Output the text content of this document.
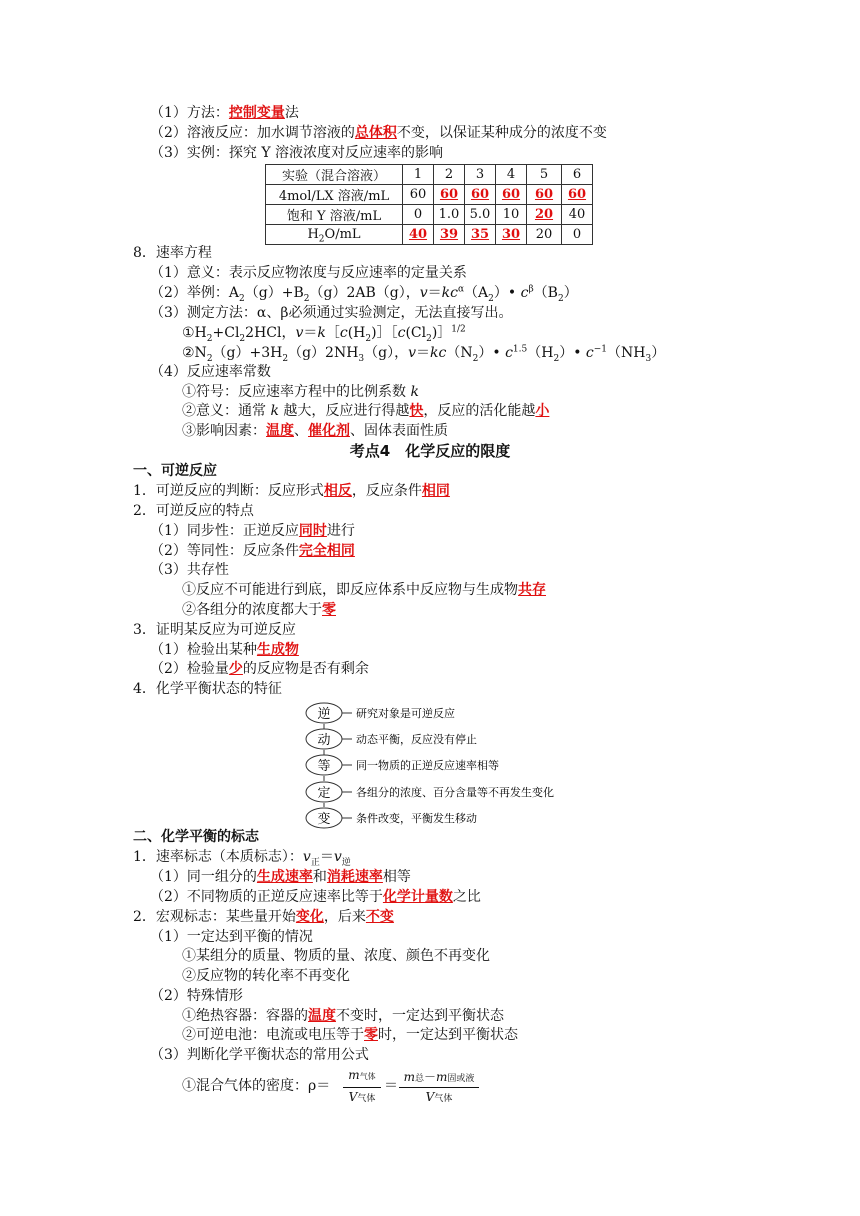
（1）方法：控制变量法
（2）溶液反应：加水调节溶液的总体积不变，以保证某种成分的浓度不变
（3）实例：探究 Y 溶液浓度对反应速率的影响
实验（混合溶液）	1	2	3	4	5	6
4mol/LX 溶液/mL	60	60	60	60	60	60
饱和 Y 溶液/mL	0	1.0	5.0	10	20	40
$H_2O/mL$	40	39	35	30	20	0
8．速率方程
（1）意义：表示反应物浓度与反应速率的定量关系
（2）举例：$A_2(g)+B_2(g)2AB(g)$，$v=kc^\alpha(A_2)•$ $c^\beta(B_2)$
（3）测定方法：α、β必须通过实验测定，无法直接写出。
$①H_2+Cl_22HCl$，$v=k[c(H_2)][c(Cl_2)]^{1/2}$
$②N_2(g)+3H_2(g)2NH_3(g)$，$v=kc(N_2)•$ $c^{1.5}(H_2)•$ $c^{-1}(NH_3)$
（4）反应速率常数
①符号：反应速率方程中的比例系数 k
②意义：通常 k 越大，反应进行得越快，反应的活化能越小
③影响因素：温度、催化剂、固体表面性质
考点4　化学反应的限度
一、可逆反应
1．可逆反应的判断：反应形式相反，反应条件相同
2．可逆反应的特点
（1）同步性：正逆反应同时进行
（2）等同性：反应条件完全相同
（3）共存性
①反应不可能进行到底，即反应体系中反应物与生成物共存
②各组分的浓度都大于零
3．证明某反应为可逆反应
（1）检验出某种生成物
（2）检验量少的反应物是否有剩余
4．化学平衡状态的特征
逆 研究对象是可逆反应
动 动态平衡，反应没有停止
等 同一物质的正逆反应速率相等
定 各组分的浓度、百分含量等不再发生变化
变 条件改变，平衡发生移动
二、化学平衡的标志
1．速率标志（本质标志）：$v_正=v_逆$
（1）同一组分的生成速率和消耗速率相等
（2）不同物质的正逆反应速率比等于化学计量数之比
2．宏观标志：某些量开始变化，后来不变
（1）一定达到平衡的情况
①某组分的质量、物质的量、浓度、颜色不再变化
②反应物的转化率不再变化
（2）特殊情形
①绝热容器：容器的温度不变时，一定达到平衡状态
②可逆电池：电流或电压等于零时，一定达到平衡状态
（3）判断化学平衡状态的常用公式
①混合气体的密度：ρ＝
m气体
V气体
＝
m总－m固或液
V气体
